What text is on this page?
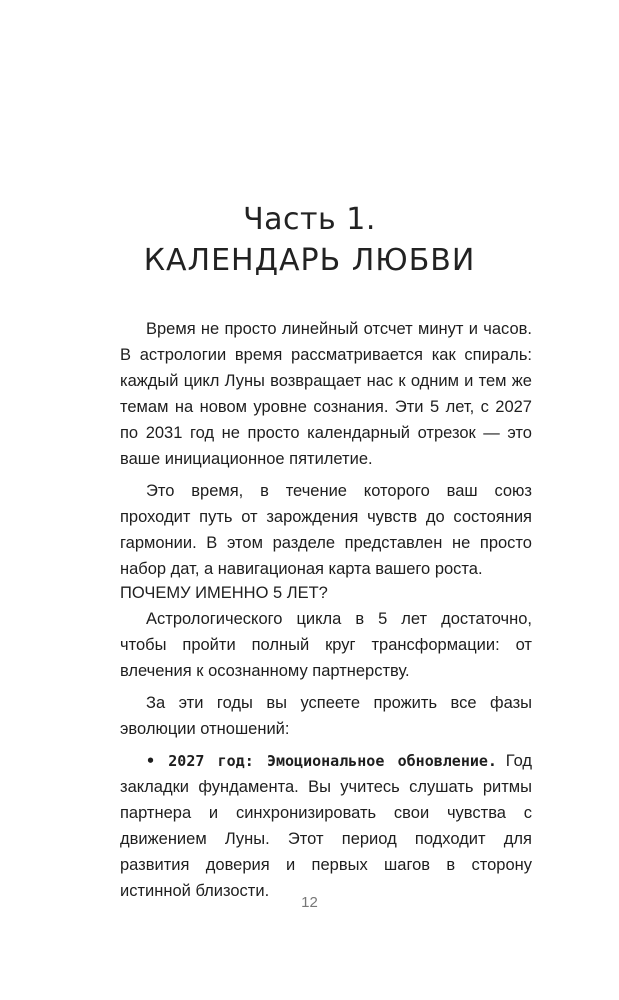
Часть 1.
КАЛЕНДАРЬ ЛЮБВИ

Время не просто линейный отсчет минут и часов. В астрологии время рассматривается как спираль: каждый цикл Луны возвращает нас к одним и тем же темам на новом уровне сознания. Эти 5 лет, с 2027 по 2031 год не просто календарный отрезок — это ваше инициационное пятилетие.

Это время, в течение которого ваш союз проходит путь от зарождения чувств до состояния гармонии. В этом разделе представлен не просто набор дат, а навигационая карта вашего роста.

ПОЧЕМУ ИМЕННО 5 ЛЕТ?

Астрологического цикла в 5 лет достаточно, чтобы пройти полный круг трансформации: от влечения к осознанному партнерству.

За эти годы вы успеете прожить все фазы эволюции отношений:

• 2027 год: Эмоциональное обновление. Год закладки фундамента. Вы учитесь слушать ритмы партнера и синхронизировать свои чувства с движением Луны. Этот период подходит для развития доверия и первых шагов в сторону истинной близости.

12
